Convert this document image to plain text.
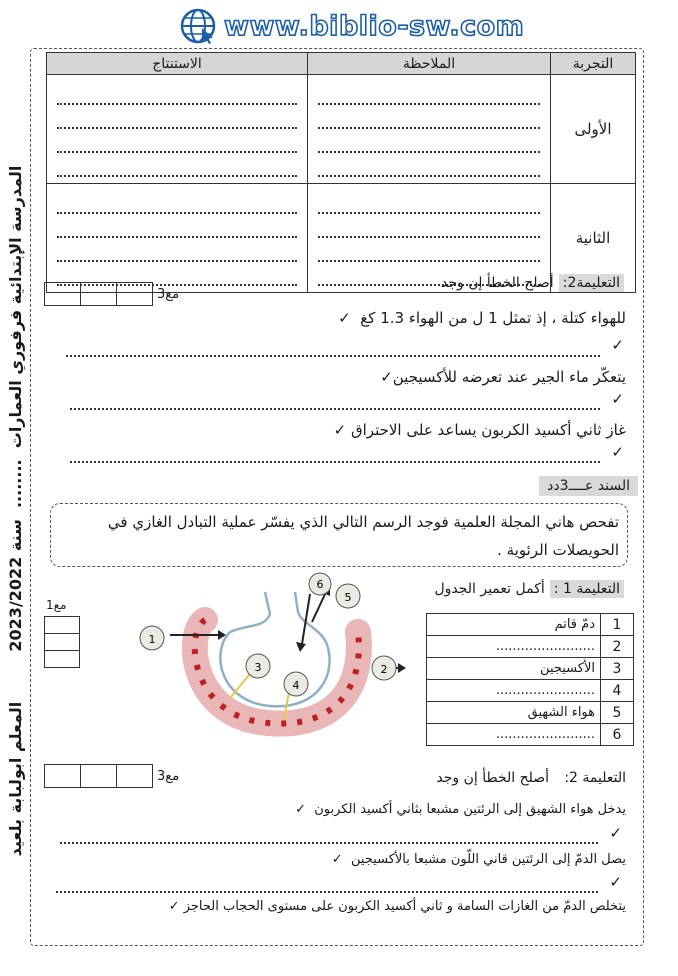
www.biblio-sw.com
المدرسة الإبتدائية فرفوري العمارات  ........  سنة 2023/2022         المعلم ابولبابة بلعيد
التجربة	الملاحظة	الاستنتاج
الأولى	

الثانية	

التعليمة2: أصلح الخطأ إن وجد
مع3
للهواء كتلة ، إذ تمثل 1 ل من الهواء 1.3 كغ  ✓
✓
يتعكّر ماء الجير عند تعرضه للأكسيجين✓
✓
غاز ثاني أكسيد الكربون يساعد على الاحتراق ✓
✓
السند عــــ3دد
تفحص هاني المجلة العلمية فوجد الرسم التالي الذي يفسّر عملية التبادل الغازي في الحويصلات الرئوية .
التعليمة 1 : أكمل تعمير الجدول
1
2
3
4
5
6
مع1
1	دمّ قاتم
2	........................
3	الأكسيجين
4	........................
5	هواء الشهيق
6	........................
التعليمة 2:   أصلح الخطأ إن وجد
مع3
يدخل هواء الشهيق إلى الرئتين مشبعا بثاني أكسيد الكربون  ✓
✓
يصل الدمّ إلى الرئتين قاني اللّون مشبعا بالأكسيجين  ✓
✓
يتخلص الدمّ من الغازات السامة و ثاني أكسيد الكربون على مستوى الحجاب الحاجز ✓
